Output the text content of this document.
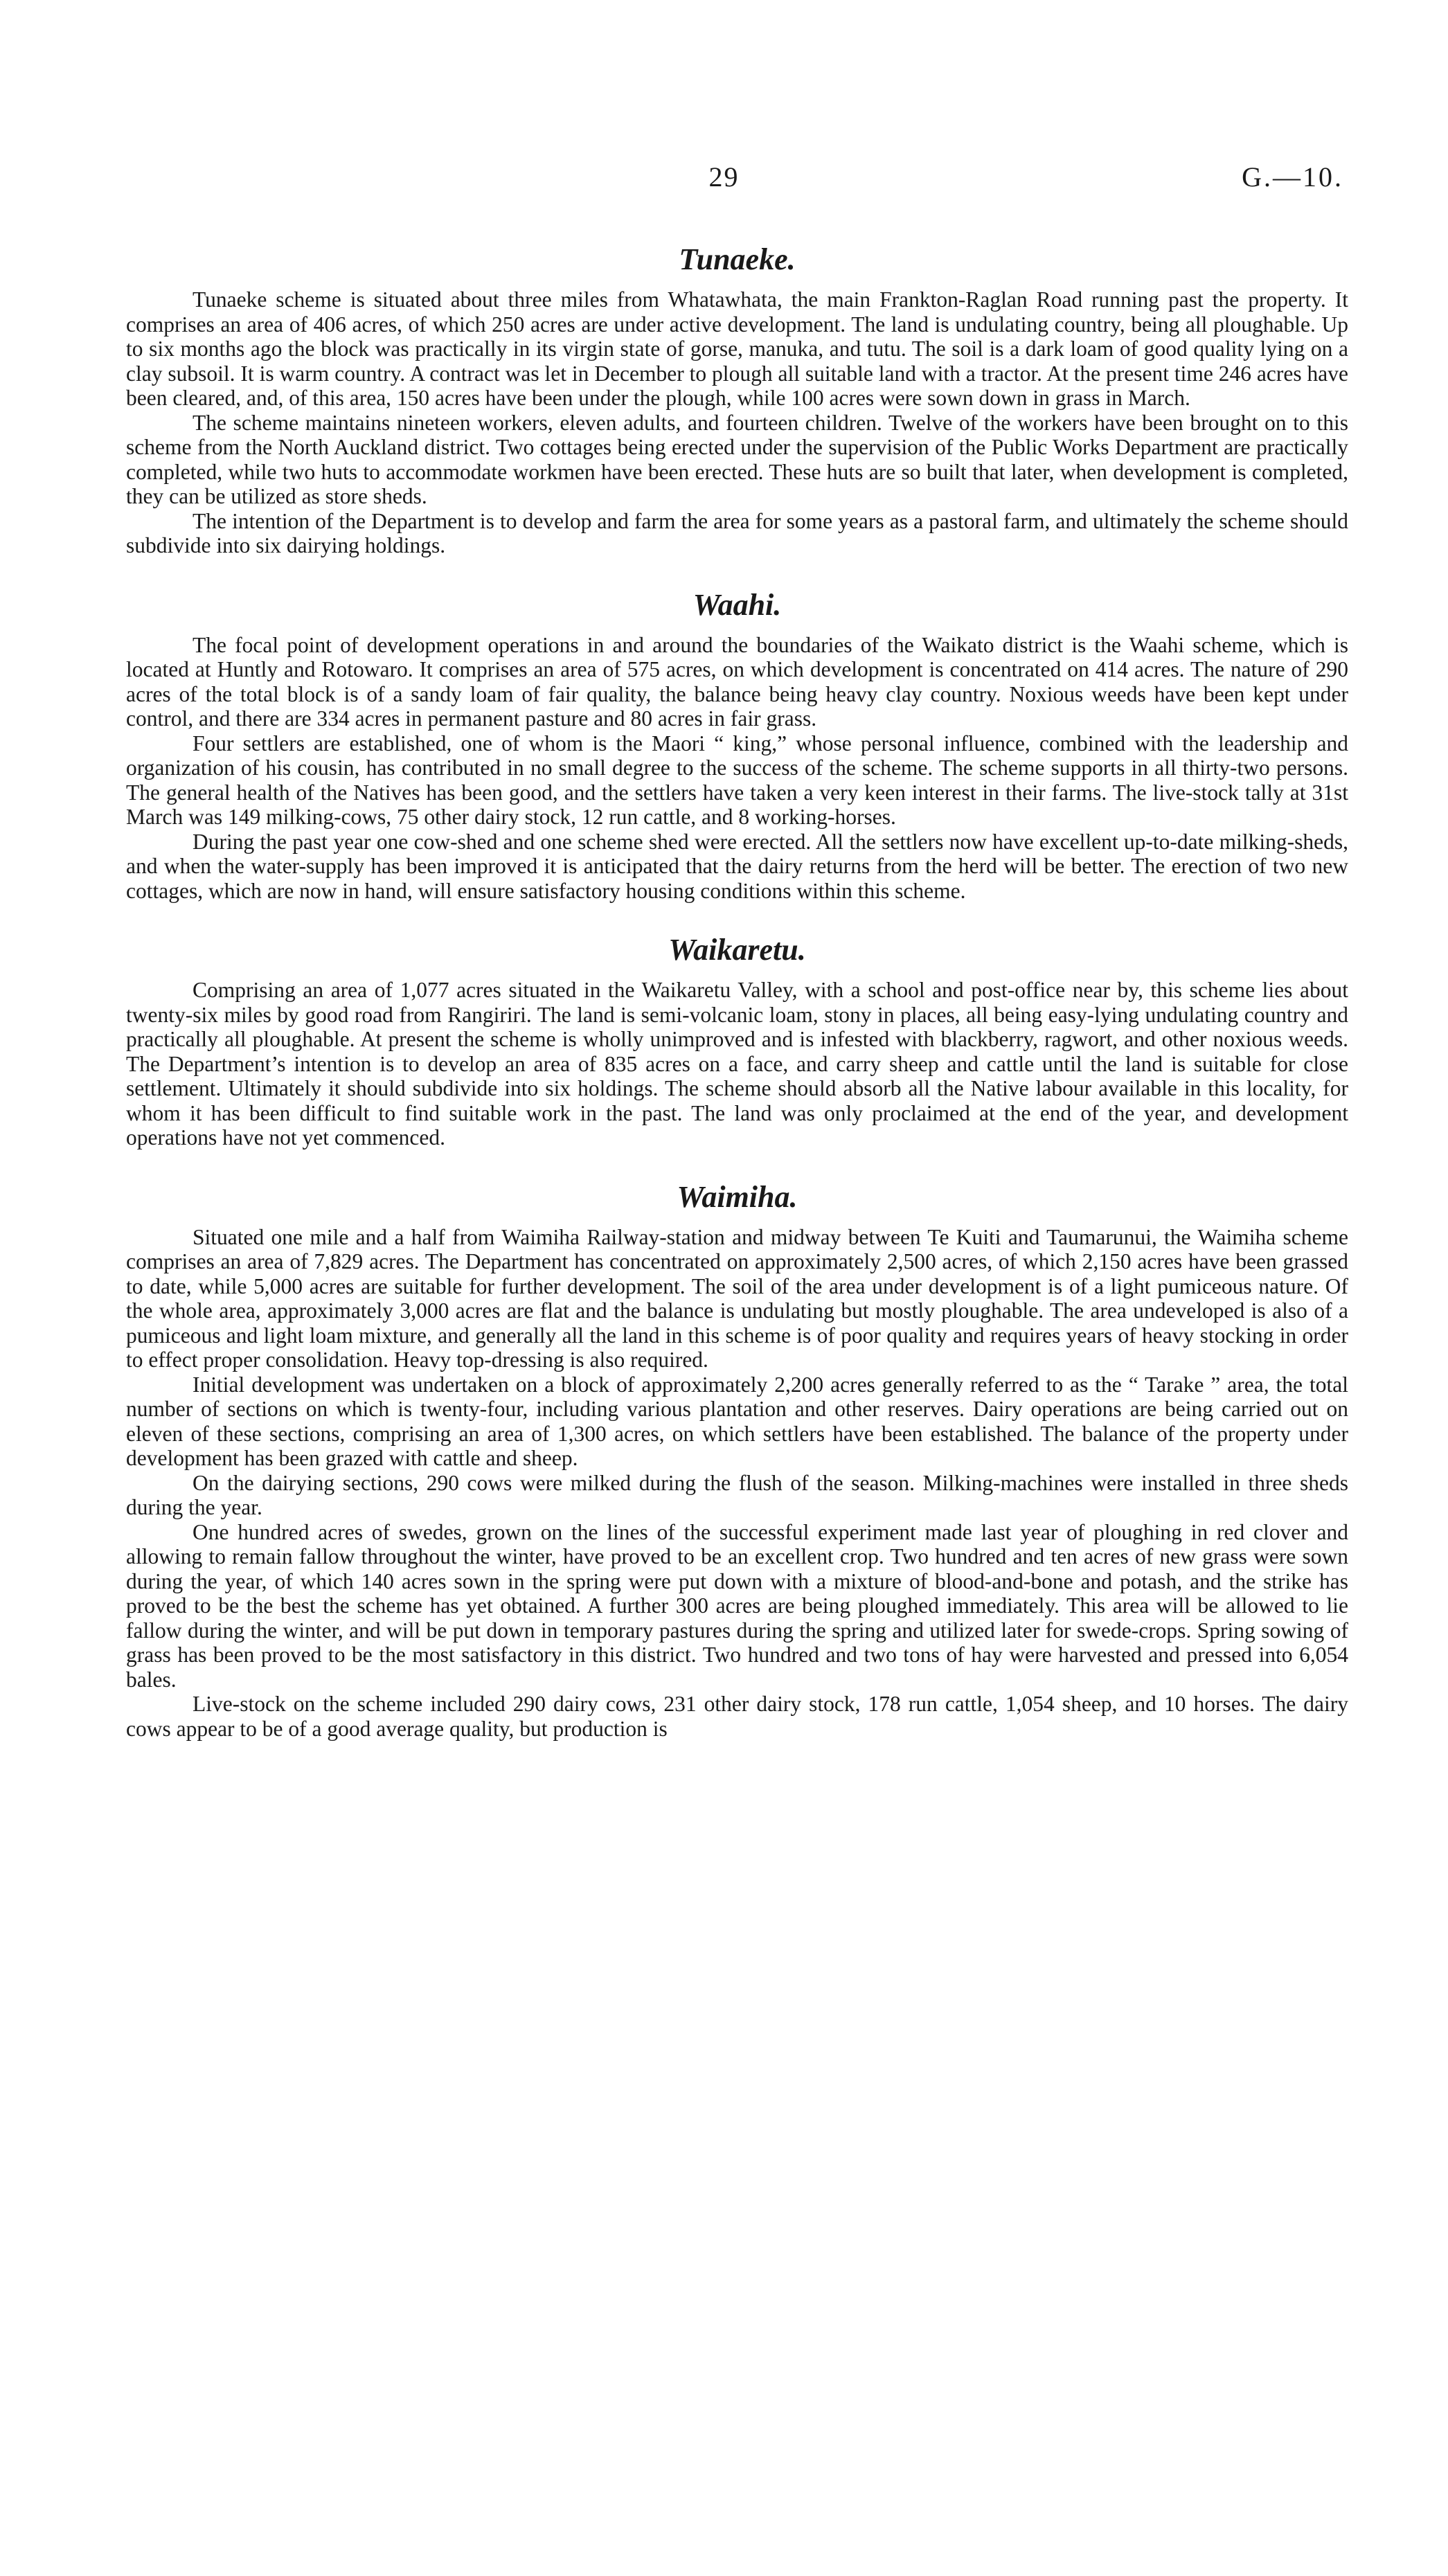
29	G.—10.
Tunaeke.

Tunaeke scheme is situated about three miles from Whatawhata, the main Frankton-Raglan Road running past the property. It comprises an area of 406 acres, of which 250 acres are under active development. The land is undulating country, being all ploughable. Up to six months ago the block was practically in its virgin state of gorse, manuka, and tutu. The soil is a dark loam of good quality lying on a clay subsoil. It is warm country. A contract was let in December to plough all suitable land with a tractor. At the present time 246 acres have been cleared, and, of this area, 150 acres have been under the plough, while 100 acres were sown down in grass in March.

The scheme maintains nineteen workers, eleven adults, and fourteen children. Twelve of the workers have been brought on to this scheme from the North Auckland district. Two cottages being erected under the supervision of the Public Works Department are practically completed, while two huts to accommodate workmen have been erected. These huts are so built that later, when development is completed, they can be utilized as store sheds.

The intention of the Department is to develop and farm the area for some years as a pastoral farm, and ultimately the scheme should subdivide into six dairying holdings.

Waahi.

The focal point of development operations in and around the boundaries of the Waikato district is the Waahi scheme, which is located at Huntly and Rotowaro. It comprises an area of 575 acres, on which development is concentrated on 414 acres. The nature of 290 acres of the total block is of a sandy loam of fair quality, the balance being heavy clay country. Noxious weeds have been kept under control, and there are 334 acres in permanent pasture and 80 acres in fair grass.

Four settlers are established, one of whom is the Maori “ king,” whose personal influence, combined with the leadership and organization of his cousin, has contributed in no small degree to the success of the scheme. The scheme supports in all thirty-two persons. The general health of the Natives has been good, and the settlers have taken a very keen interest in their farms. The live-stock tally at 31st March was 149 milking-cows, 75 other dairy stock, 12 run cattle, and 8 working-horses.

During the past year one cow-shed and one scheme shed were erected. All the settlers now have excellent up-to-date milking-sheds, and when the water-supply has been improved it is anticipated that the dairy returns from the herd will be better. The erection of two new cottages, which are now in hand, will ensure satisfactory housing conditions within this scheme.

Waikaretu.

Comprising an area of 1,077 acres situated in the Waikaretu Valley, with a school and post-office near by, this scheme lies about twenty-six miles by good road from Rangiriri. The land is semi-volcanic loam, stony in places, all being easy-lying undulating country and practically all ploughable. At present the scheme is wholly unimproved and is infested with blackberry, ragwort, and other noxious weeds. The Department’s intention is to develop an area of 835 acres on a face, and carry sheep and cattle until the land is suitable for close settlement. Ultimately it should subdivide into six holdings. The scheme should absorb all the Native labour available in this locality, for whom it has been difficult to find suitable work in the past. The land was only proclaimed at the end of the year, and development operations have not yet commenced.

Waimiha.

Situated one mile and a half from Waimiha Railway-station and midway between Te Kuiti and Taumarunui, the Waimiha scheme comprises an area of 7,829 acres. The Department has concentrated on approximately 2,500 acres, of which 2,150 acres have been grassed to date, while 5,000 acres are suitable for further development. The soil of the area under development is of a light pumiceous nature. Of the whole area, approximately 3,000 acres are flat and the balance is undulating but mostly ploughable. The area undeveloped is also of a pumiceous and light loam mixture, and generally all the land in this scheme is of poor quality and requires years of heavy stocking in order to effect proper consolidation. Heavy top-dressing is also required.

Initial development was undertaken on a block of approximately 2,200 acres generally referred to as the “ Tarake ” area, the total number of sections on which is twenty-four, including various plantation and other reserves. Dairy operations are being carried out on eleven of these sections, comprising an area of 1,300 acres, on which settlers have been established. The balance of the property under development has been grazed with cattle and sheep.

On the dairying sections, 290 cows were milked during the flush of the season. Milking-machines were installed in three sheds during the year.

One hundred acres of swedes, grown on the lines of the successful experiment made last year of ploughing in red clover and allowing to remain fallow throughout the winter, have proved to be an excellent crop. Two hundred and ten acres of new grass were sown during the year, of which 140 acres sown in the spring were put down with a mixture of blood-and-bone and potash, and the strike has proved to be the best the scheme has yet obtained. A further 300 acres are being ploughed immediately. This area will be allowed to lie fallow during the winter, and will be put down in temporary pastures during the spring and utilized later for swede-crops. Spring sowing of grass has been proved to be the most satisfactory in this district. Two hundred and two tons of hay were harvested and pressed into 6,054 bales.

Live-stock on the scheme included 290 dairy cows, 231 other dairy stock, 178 run cattle, 1,054 sheep, and 10 horses. The dairy cows appear to be of a good average quality, but production is
